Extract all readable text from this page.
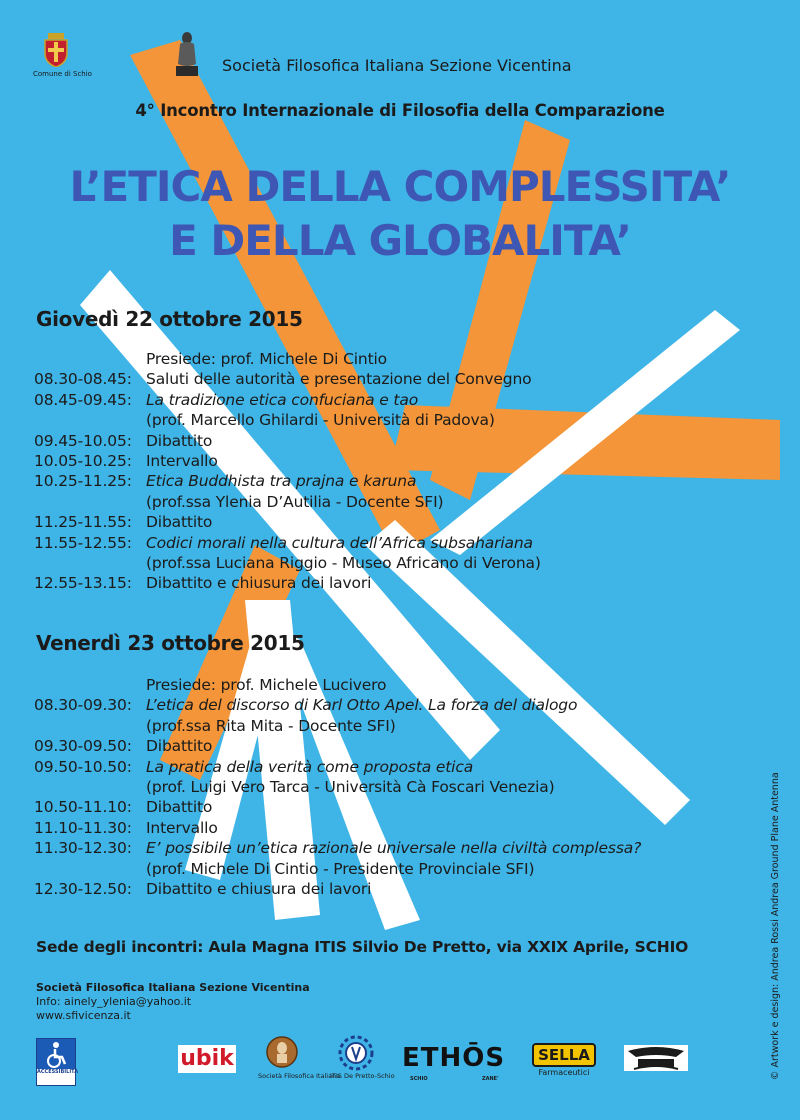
Comune di Schio	Società Filosofica Italiana Sezione Vicentina
4° Incontro Internazionale di Filosofia della Comparazione
L’ETICA DELLA COMPLESSITA’
E DELLA GLOBALITA’
Giovedì 22 ottobre 2015
Presiede: prof. Michele Di Cintio
08.30-08.45: Saluti delle autorità e presentazione del Convegno
08.45-09.45: La tradizione etica confuciana e tao
(prof. Marcello Ghilardi - Università di Padova)
09.45-10.05: Dibattito
10.05-10.25: Intervallo
10.25-11.25: Etica Buddhista tra prajna e karuna
(prof.ssa Ylenia D’Autilia - Docente SFI)
11.25-11.55: Dibattito
11.55-12.55: Codici morali nella cultura dell’Africa subsahariana
(prof.ssa Luciana Riggio - Museo Africano di Verona)
12.55-13.15: Dibattito e chiusura dei lavori
Venerdì 23 ottobre 2015
Presiede: prof. Michele Lucivero
08.30-09.30: L’etica del discorso di Karl Otto Apel. La forza del dialogo
(prof.ssa Rita Mita - Docente SFI)
09.30-09.50: Dibattito
09.50-10.50: La pratica della verità come proposta etica
(prof. Luigi Vero Tarca - Università Cà Foscari Venezia)
10.50-11.10: Dibattito
11.10-11.30: Intervallo
11.30-12.30: E’ possibile un’etica razionale universale nella civiltà complessa?
(prof. Michele Di Cintio - Presidente Provinciale SFI)
12.30-12.50: Dibattito e chiusura dei lavori
Sede degli incontri: Aula Magna ITIS Silvio De Pretto, via XXIX Aprile, SCHIO
Società Filosofica Italiana Sezione Vicentina
Info: ainely_ylenia@yahoo.it
www.sfivicenza.it	© Artwork e design: Andrea Rossi Andrea Ground Plane Antenna
ACCESSIBILITÀ
ubik
Società Filosofica Italiana
ITIS De Pretto-Schio
ETHŌS
SCHIO	ZANE'
SELLA
Farmaceutici
